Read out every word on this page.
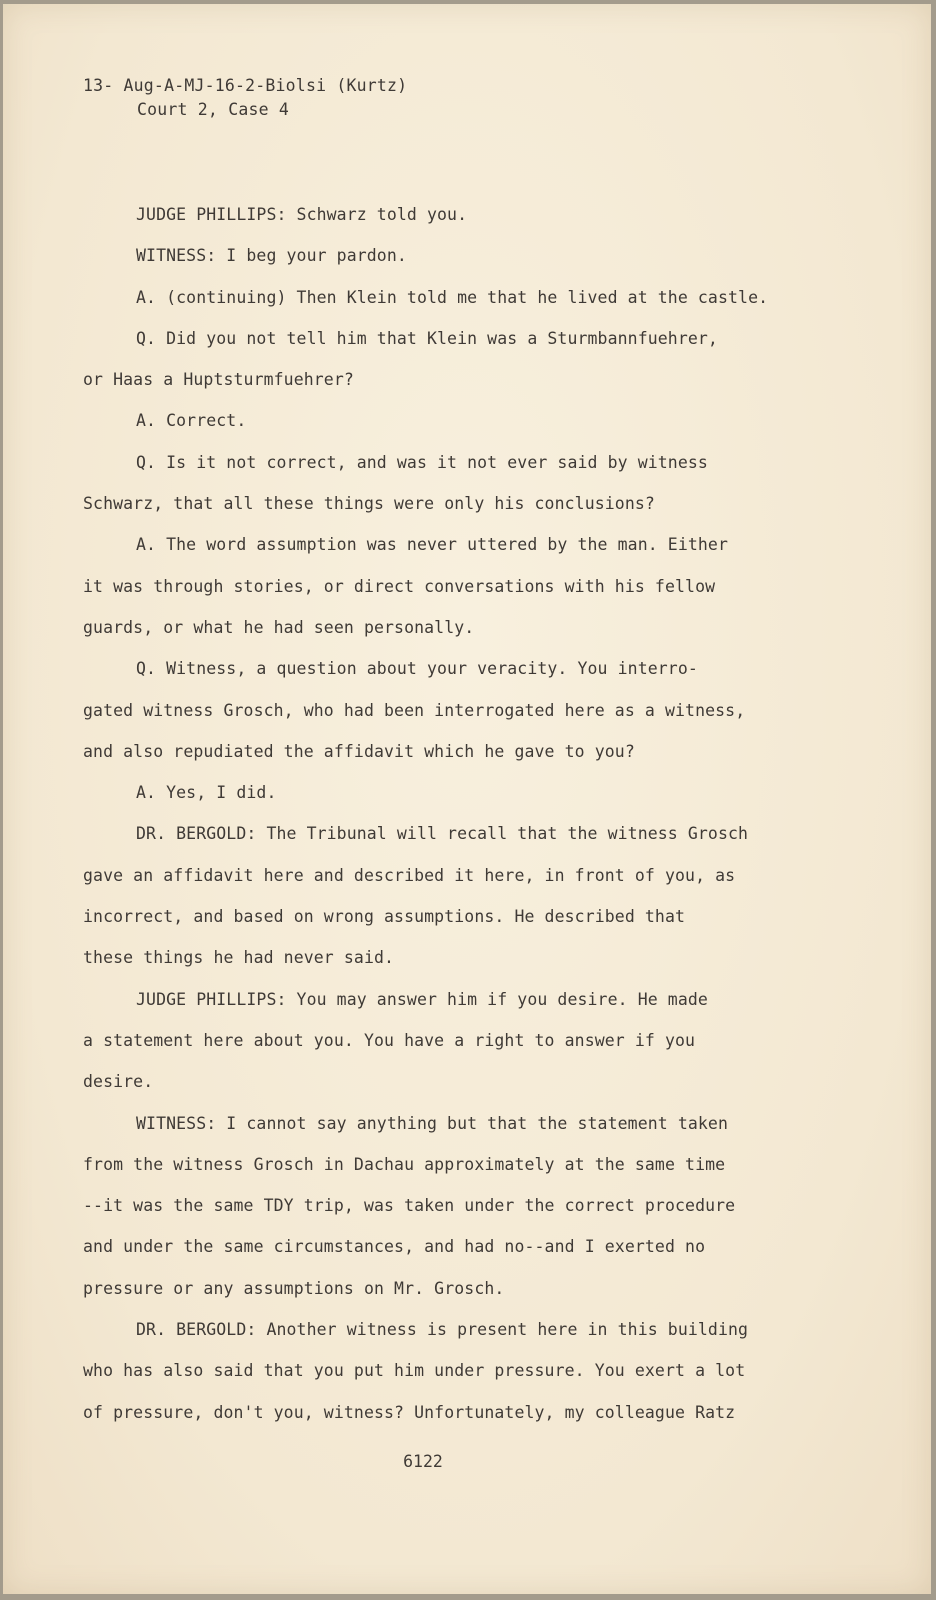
13- Aug-A-MJ-16-2-Biolsi (Kurtz)
Court 2, Case 4
JUDGE PHILLIPS: Schwarz told you.
WITNESS: I beg your pardon.
A. (continuing) Then Klein told me that he lived at the castle.
Q. Did you not tell him that Klein was a Sturmbannfuehrer,
or Haas a Huptsturmfuehrer?
A. Correct.
Q. Is it not correct, and was it not ever said by witness
Schwarz, that all these things were only his conclusions?
A. The word assumption was never uttered by the man. Either
it was through stories, or direct conversations with his fellow
guards, or what he had seen personally.
Q. Witness, a question about your veracity. You interro-
gated witness Grosch, who had been interrogated here as a witness,
and also repudiated the affidavit which he gave to you?
A. Yes, I did.
DR. BERGOLD: The Tribunal will recall that the witness Grosch
gave an affidavit here and described it here, in front of you, as
incorrect, and based on wrong assumptions. He described that
these things he had never said.
JUDGE PHILLIPS: You may answer him if you desire. He made
a statement here about you. You have a right to answer if you
desire.
WITNESS: I cannot say anything but that the statement taken
from the witness Grosch in Dachau approximately at the same time
--it was the same TDY trip, was taken under the correct procedure
and under the same circumstances, and had no--and I exerted no
pressure or any assumptions on Mr. Grosch.
DR. BERGOLD: Another witness is present here in this building
who has also said that you put him under pressure. You exert a lot
of pressure, don't you, witness? Unfortunately, my colleague Ratz
6122
